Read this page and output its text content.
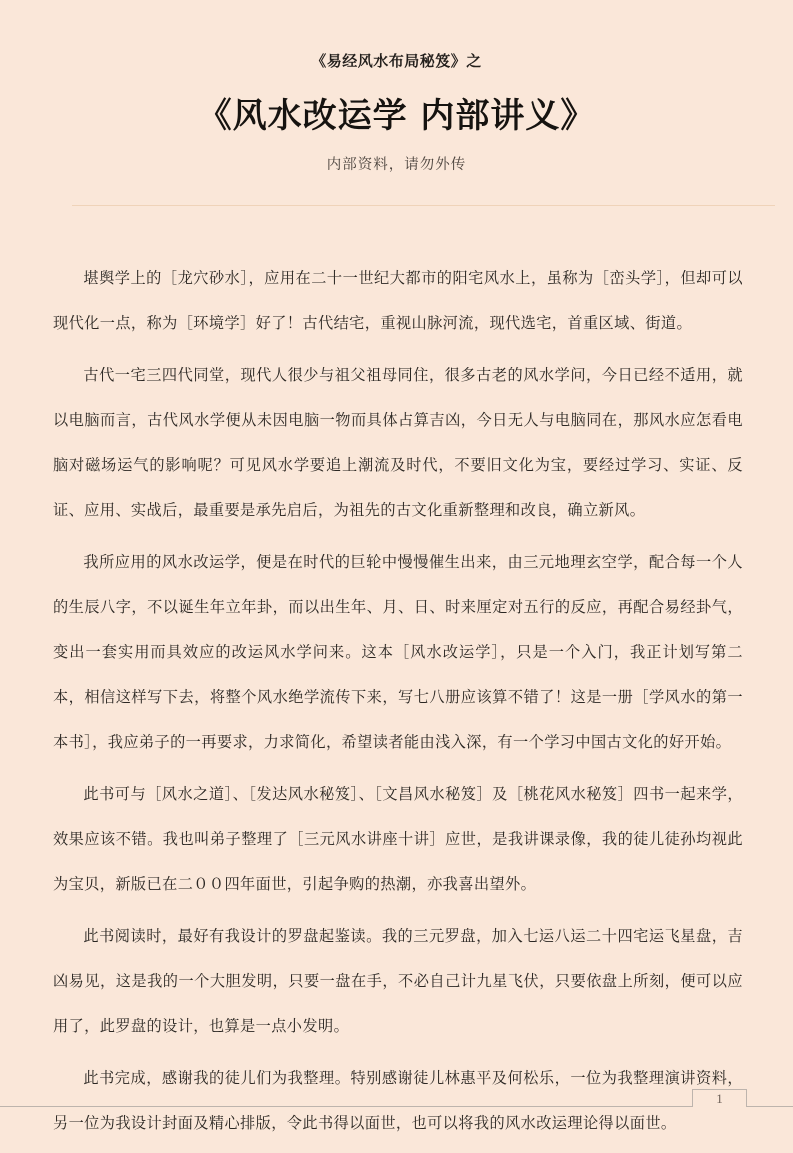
《易经风水布局秘笈》之

《风水改运学 内部讲义》

内部资料，请勿外传

堪舆学上的［龙穴砂水］，应用在二十一世纪大都市的阳宅风水上，虽称为［峦头学］，但却可以现代化一点，称为［环境学］好了！古代结宅，重视山脉河流，现代选宅，首重区域、街道。

古代一宅三四代同堂，现代人很少与祖父祖母同住，很多古老的风水学问，今日已经不适用，就以电脑而言，古代风水学便从未因电脑一物而具体占算吉凶，今日无人与电脑同在，那风水应怎看电脑对磁场运气的影响呢？可见风水学要追上潮流及时代，不要旧文化为宝，要经过学习、实证、反证、应用、实战后，最重要是承先启后，为祖先的古文化重新整理和改良，确立新风。

我所应用的风水改运学，便是在时代的巨轮中慢慢催生出来，由三元地理玄空学，配合每一个人的生辰八字，不以诞生年立年卦，而以出生年、月、日、时来厘定对五行的反应，再配合易经卦气，变出一套实用而具效应的改运风水学问来。这本［风水改运学］，只是一个入门，我正计划写第二本，相信这样写下去，将整个风水绝学流传下来，写七八册应该算不错了！这是一册［学风水的第一本书］，我应弟子的一再要求，力求简化，希望读者能由浅入深，有一个学习中国古文化的好开始。

此书可与［风水之道］、［发达风水秘笈］、［文昌风水秘笈］及［桃花风水秘笈］四书一起来学，效果应该不错。我也叫弟子整理了［三元风水讲座十讲］应世，是我讲课录像，我的徒儿徒孙均视此为宝贝，新版已在二００四年面世，引起争购的热潮，亦我喜出望外。

此书阅读时，最好有我设计的罗盘起鉴读。我的三元罗盘，加入七运八运二十四宅运飞星盘，吉凶易见，这是我的一个大胆发明，只要一盘在手，不必自己计九星飞伏，只要依盘上所刻，便可以应用了，此罗盘的设计，也算是一点小发明。

此书完成，感谢我的徒儿们为我整理。特别感谢徒儿林惠平及何松乐，一位为我整理演讲资料，另一位为我设计封面及精心排版，令此书得以面世，也可以将我的风水改运理论得以面世。

1
